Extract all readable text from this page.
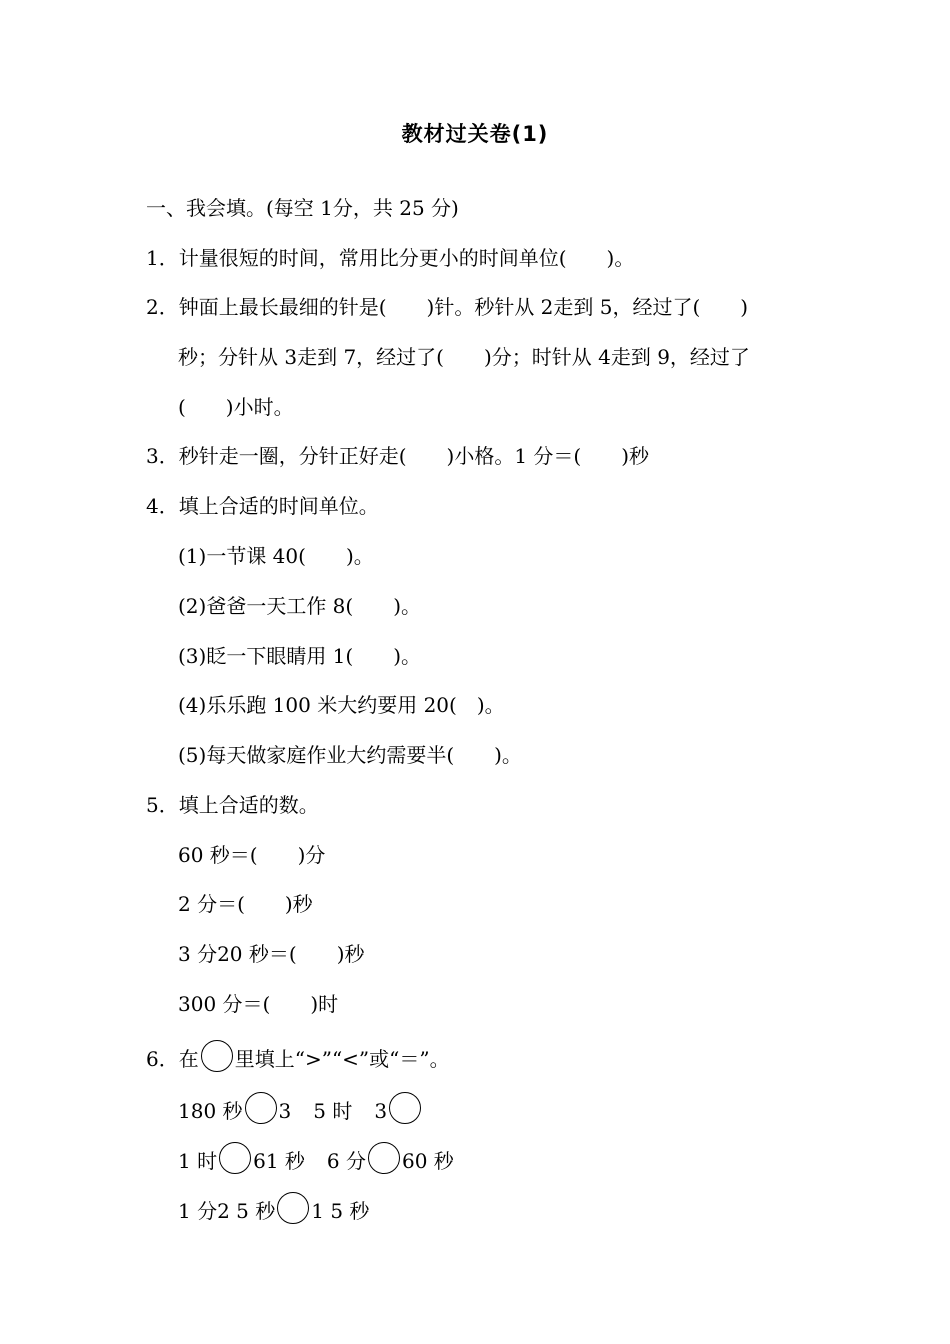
教材过关卷(1)
一、我会填。(每空 1分，共 25 分)
1．计量很短的时间，常用比分更小的时间单位(　　)。
2．钟面上最长最细的针是(　　)针。秒针从 2走到 5，经过了(　　)
秒；分针从 3走到 7，经过了(　　)分；时针从 4走到 9，经过了
(　　)小时。
3．秒针走一圈，分针正好走(　　)小格。1 分＝(　　)秒
4．填上合适的时间单位。
(1)一节课 40(　　)。
(2)爸爸一天工作 8(　　)。
(3)眨一下眼睛用 1(　　)。
(4)乐乐跑 100 米大约要用 20(　)。
(5)每天做家庭作业大约需要半(　　)。
5．填上合适的数。
60 秒＝(　　)分
2 分＝(　　)秒
3 分20 秒＝(　　)秒
300 分＝(　　)时
6．在 里填上“>”“<”或“＝”。
180 秒 3 5 时 3
1 时 61 秒 6 分 60 秒
1 分2 5 秒 1 5 秒
